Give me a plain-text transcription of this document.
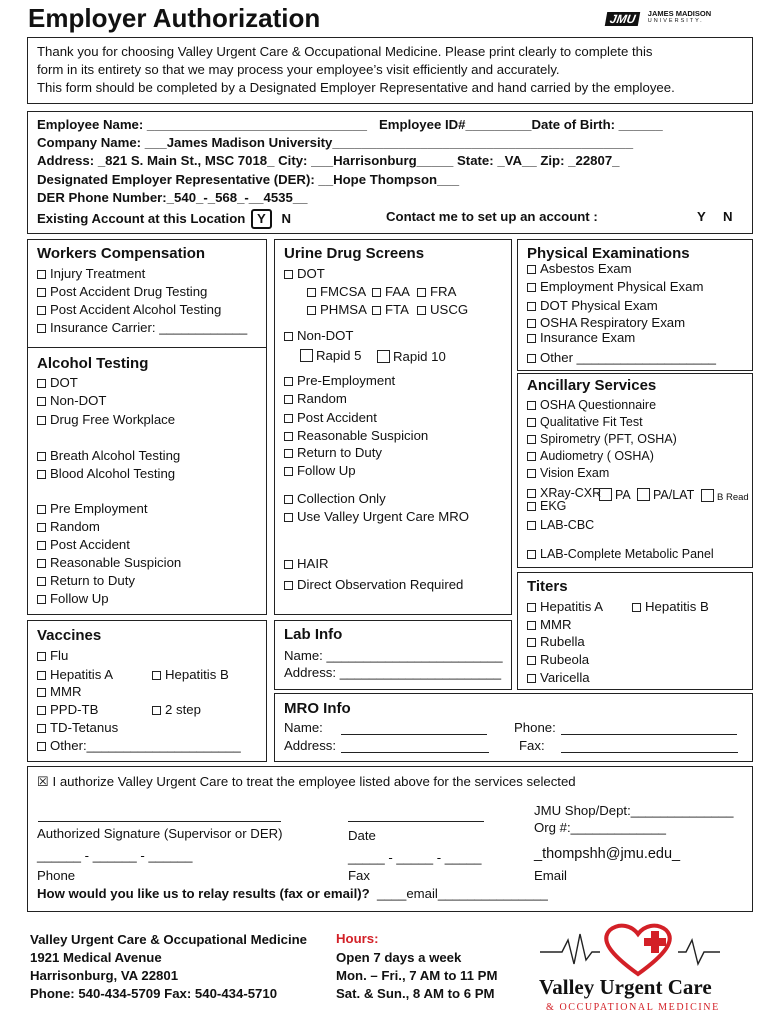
Employer Authorization	JMU JAMES MADISON
UNIVERSITY.
Thank you for choosing Valley Urgent Care & Occupational Medicine. Please print clearly to complete this
form in its entirety so that we may process your employee’s visit efficiently and accurately.
This form should be completed by a Designated Employer Representative and hand carried by the employee.
Employee Name: ______________________________ Employee ID#_________Date of Birth: ______
Company Name: ___James Madison University_________________________________________
Address: _821 S. Main St., MSC 7018_ City: ___Harrisonburg_____ State: _VA__ Zip: _22807_
Designated Employer Representative (DER): __Hope Thompson___
DER Phone Number:_540_-_568_-__4535__
Existing Account at this Location Y N	Contact me to set up an account :	Y N
Workers Compensation
Injury Treatment
Post Accident Drug Testing
Post Accident Alcohol Testing
Insurance Carrier: ____________
Alcohol Testing
DOT
Non-DOT
Drug Free Workplace
Breath Alcohol Testing
Blood Alcohol Testing
Pre Employment
Random
Post Accident
Reasonable Suspicion
Return to Duty
Follow Up
Urine Drug Screens
DOT
FMCSA	FAA	FRA
PHMSA	FTA	USCG
Non-DOT
Rapid 5	Rapid 10
Pre-Employment
Random
Post Accident
Reasonable Suspicion
Return to Duty
Follow Up
Collection Only
Use Valley Urgent Care MRO
HAIR
Direct Observation Required
Physical Examinations
Asbestos Exam
Employment Physical Exam
DOT Physical Exam
OSHA Respiratory Exam
Insurance Exam
Other ___________________
Ancillary Services
OSHA Questionnaire
Qualitative Fit Test
Spirometry (PFT, OSHA)
Audiometry ( OSHA)
Vision Exam
XRay-CXR	PA	PA/LAT	B Read
EKG
LAB-CBC
LAB-Complete Metabolic Panel
Titers
Hepatitis A	Hepatitis B
MMR
Rubella
Rubeola
Varicella
Vaccines
Flu
Hepatitis A	Hepatitis B
MMR
PPD-TB	2 step
TD-Tetanus
Other:_____________________
Lab Info
Name: ________________________
Address: ______________________
MRO Info
Name:
Address:
Phone:
Fax:
☒ I authorize Valley Urgent Care to treat the employee listed above for the services selected
JMU Shop/Dept:______________
Org #:_____________
Authorized Signature (Supervisor or DER)	Date
______ - ______ - ______	_____ - _____ - _____	_thompshh@jmu.edu_
Phone	Fax	Email
How would you like us to relay results (fax or email)? ____email_______________
Valley Urgent Care & Occupational Medicine
1921 Medical Avenue
Harrisonburg, VA 22801
Phone: 540-434-5709 Fax: 540-434-5710
Hours:
Open 7 days a week
Mon. – Fri., 7 AM to 11 PM
Sat. & Sun., 8 AM to 6 PM Valley Urgent Care
& OCCUPATIONAL MEDICINE
